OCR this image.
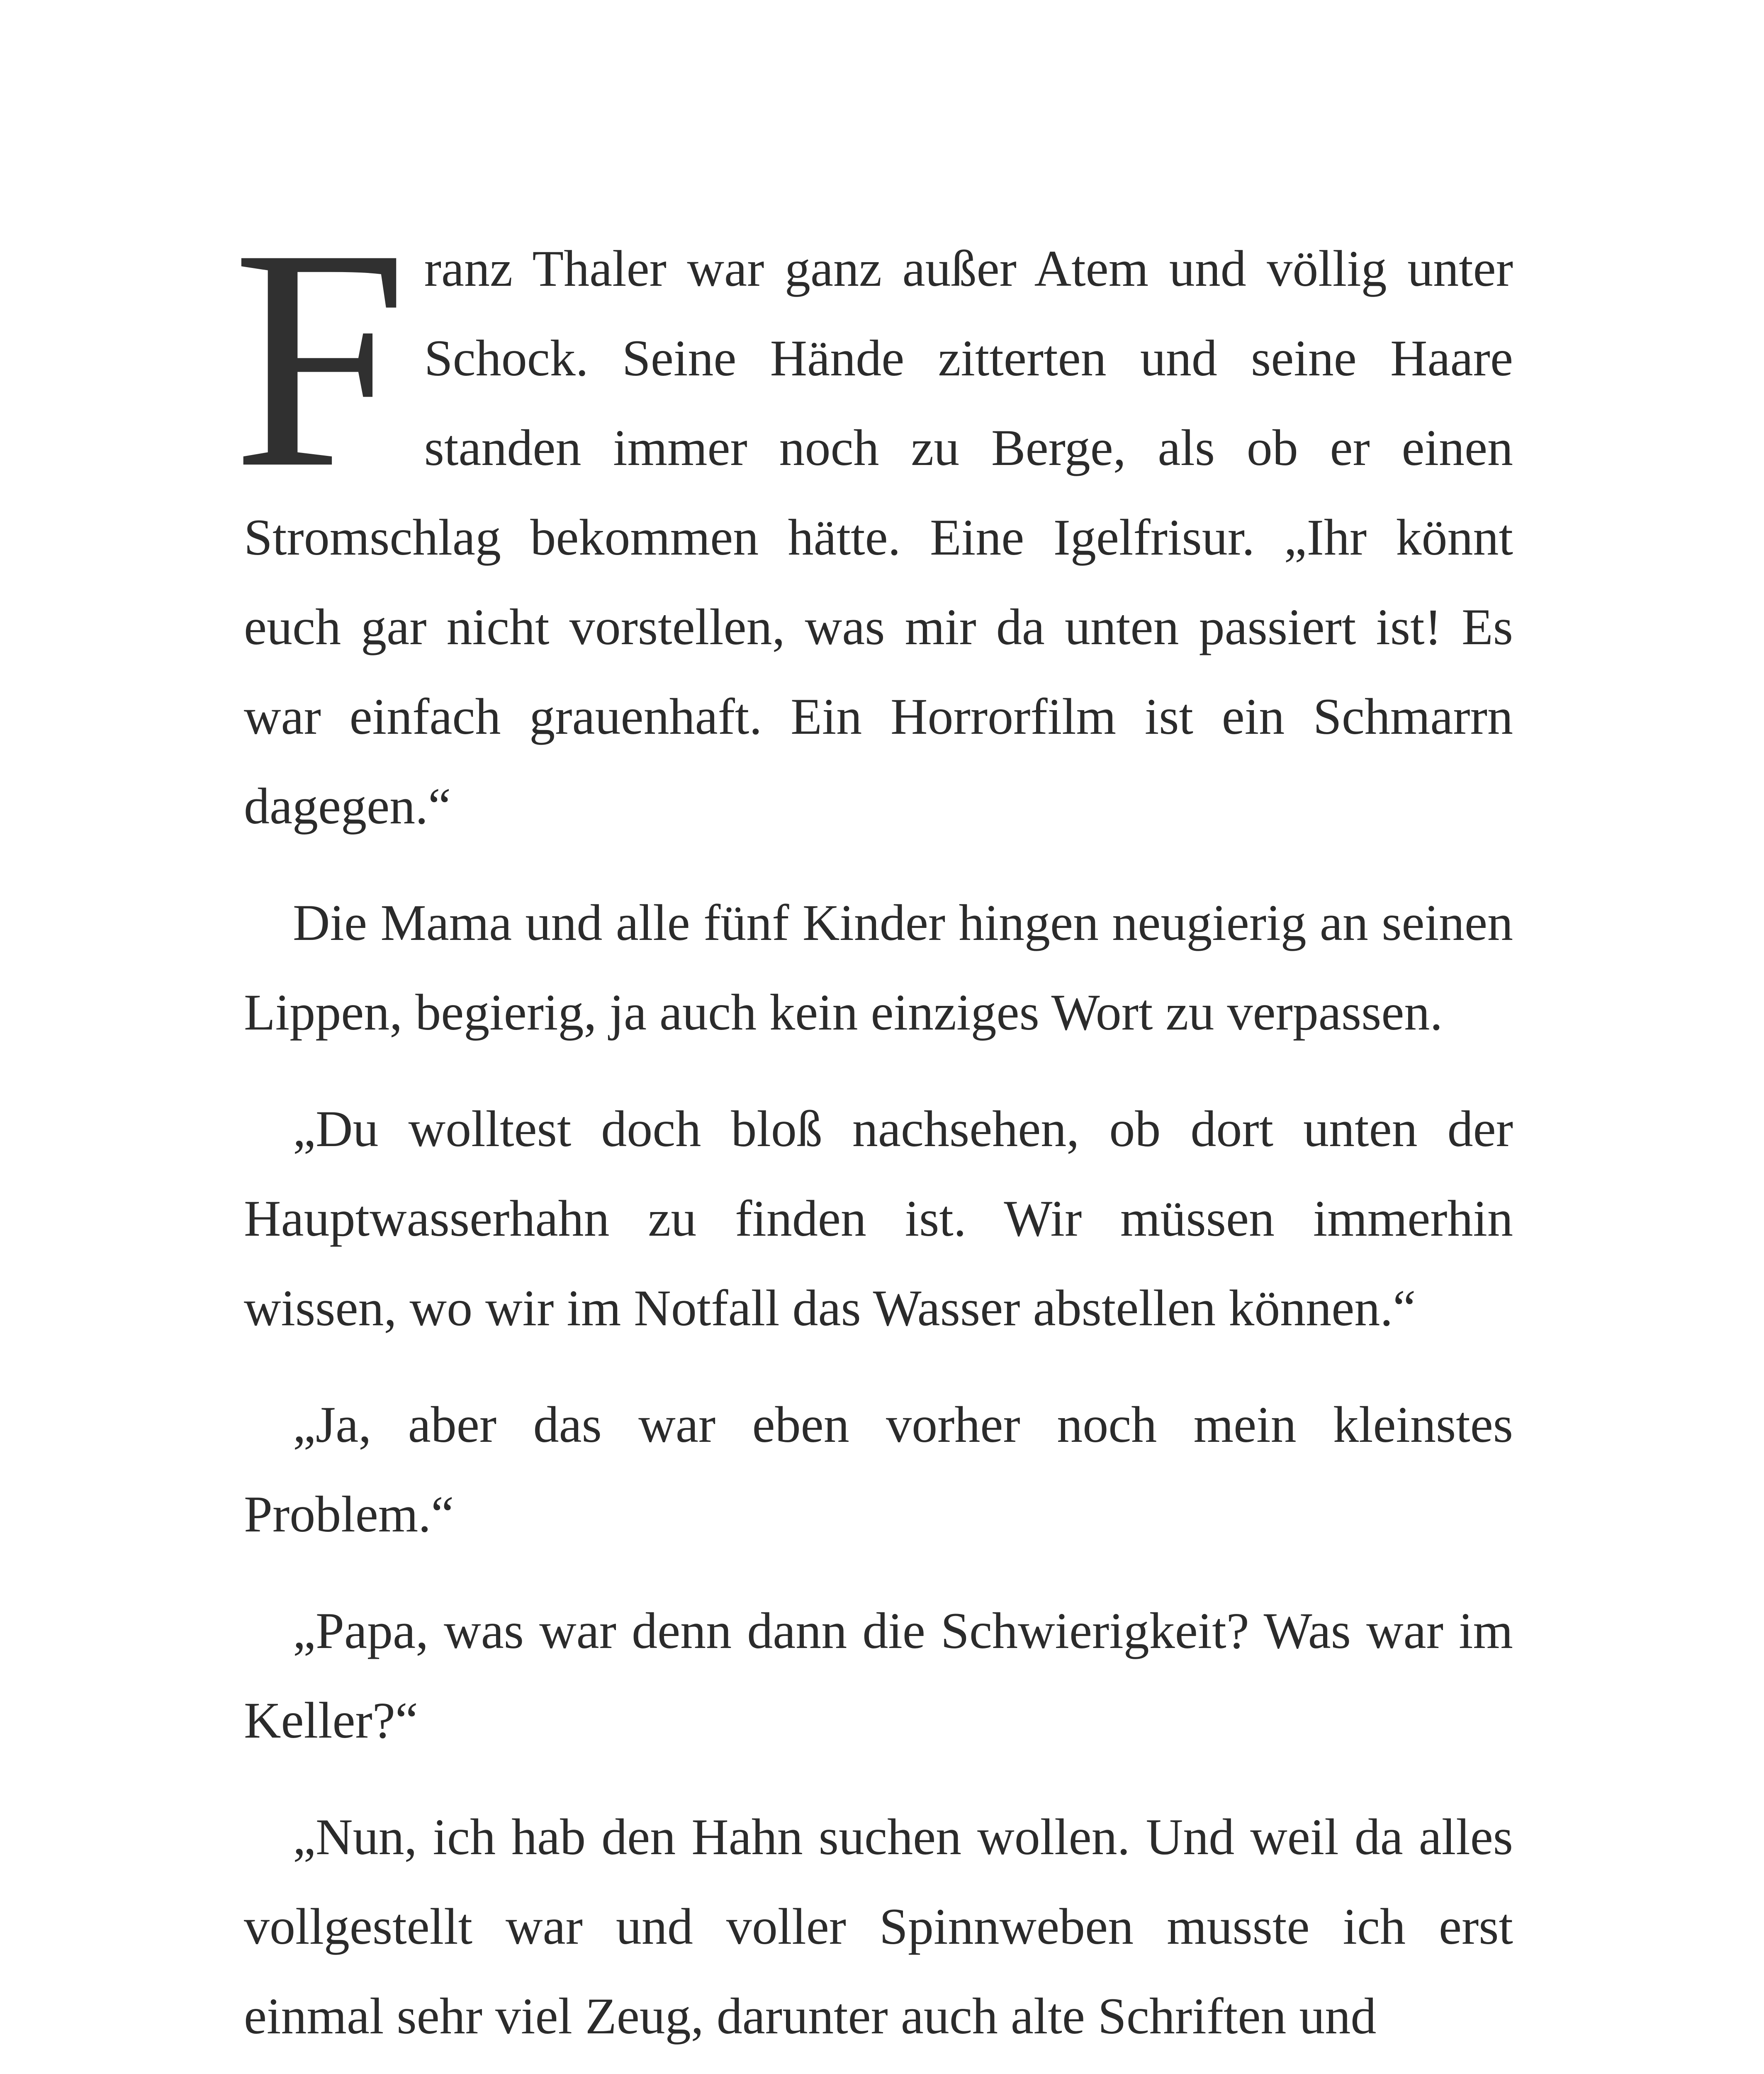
Franz Thaler war ganz außer Atem und völlig unter Schock. Seine Hände zitterten und seine Haare standen immer noch zu Berge, als ob er einen Stromschlag bekommen hätte. Eine Igelfrisur. „Ihr könnt euch gar nicht vorstellen, was mir da unten passiert ist! Es war einfach grauenhaft. Ein Horrorfilm ist ein Schmarrn dagegen.“

Die Mama und alle fünf Kinder hingen neugierig an seinen Lippen, begierig, ja auch kein einziges Wort zu verpassen.

„Du wolltest doch bloß nachsehen, ob dort unten der Hauptwasserhahn zu finden ist. Wir müssen immerhin wissen, wo wir im Notfall das Wasser abstellen können.“

„Ja, aber das war eben vorher noch mein kleinstes Problem.“

„Papa, was war denn dann die Schwierigkeit? Was war im Keller?“

„Nun, ich hab den Hahn suchen wollen. Und weil da alles vollgestellt war und voller Spinnweben musste ich erst einmal sehr viel Zeug, darunter auch alte Schriften und
